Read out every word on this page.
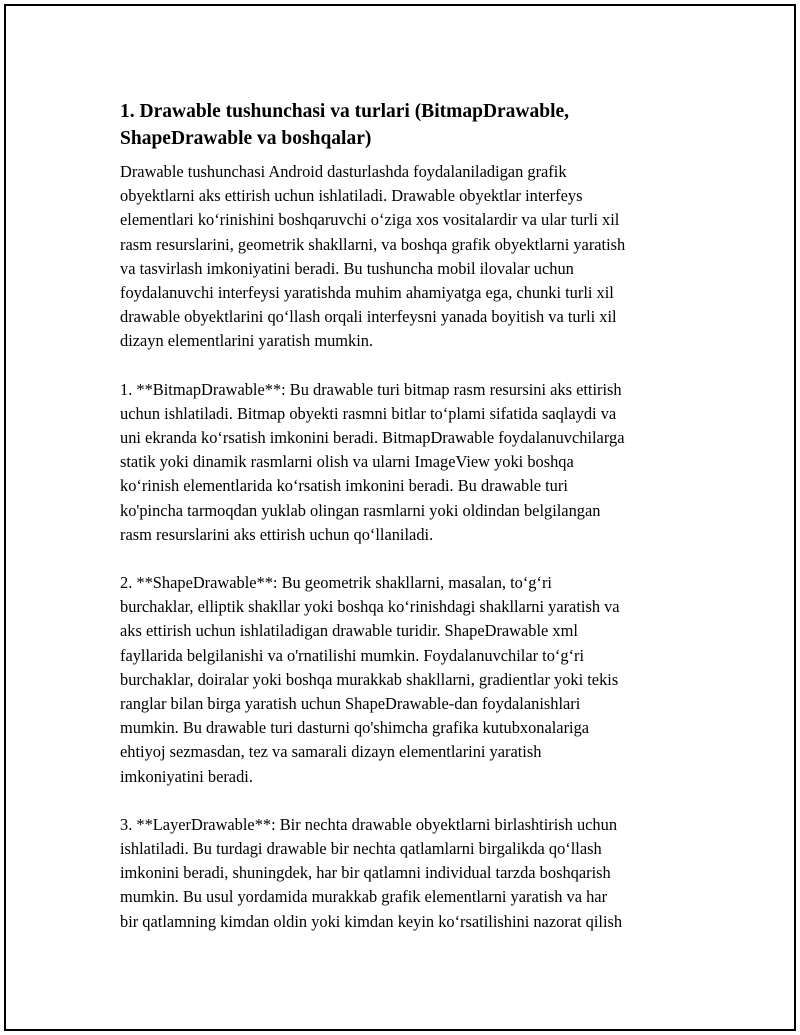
1. Drawable tushunchasi va turlari (BitmapDrawable,
ShapeDrawable va boshqalar)

Drawable tushunchasi Android dasturlashda foydalaniladigan grafik
obyektlarni aks ettirish uchun ishlatiladi. Drawable obyektlar interfeys
elementlari koʻrinishini boshqaruvchi oʻziga xos vositalardir va ular turli xil
rasm resurslarini, geometrik shakllarni, va boshqa grafik obyektlarni yaratish
va tasvirlash imkoniyatini beradi. Bu tushuncha mobil ilovalar uchun
foydalanuvchi interfeysi yaratishda muhim ahamiyatga ega, chunki turli xil
drawable obyektlarini qoʻllash orqali interfeysni yanada boyitish va turli xil
dizayn elementlarini yaratish mumkin.

1. **BitmapDrawable**: Bu drawable turi bitmap rasm resursini aks ettirish
uchun ishlatiladi. Bitmap obyekti rasmni bitlar toʻplami sifatida saqlaydi va
uni ekranda koʻrsatish imkonini beradi. BitmapDrawable foydalanuvchilarga
statik yoki dinamik rasmlarni olish va ularni ImageView yoki boshqa
koʻrinish elementlarida koʻrsatish imkonini beradi. Bu drawable turi
ko'pincha tarmoqdan yuklab olingan rasmlarni yoki oldindan belgilangan
rasm resurslarini aks ettirish uchun qoʻllaniladi.

2. **ShapeDrawable**: Bu geometrik shakllarni, masalan, toʻgʻri
burchaklar, elliptik shakllar yoki boshqa koʻrinishdagi shakllarni yaratish va
aks ettirish uchun ishlatiladigan drawable turidir. ShapeDrawable xml
fayllarida belgilanishi va o'rnatilishi mumkin. Foydalanuvchilar toʻgʻri
burchaklar, doiralar yoki boshqa murakkab shakllarni, gradientlar yoki tekis
ranglar bilan birga yaratish uchun ShapeDrawable-dan foydalanishlari
mumkin. Bu drawable turi dasturni qo'shimcha grafika kutubxonalariga
ehtiyoj sezmasdan, tez va samarali dizayn elementlarini yaratish
imkoniyatini beradi.

3. **LayerDrawable**: Bir nechta drawable obyektlarni birlashtirish uchun
ishlatiladi. Bu turdagi drawable bir nechta qatlamlarni birgalikda qoʻllash
imkonini beradi, shuningdek, har bir qatlamni individual tarzda boshqarish
mumkin. Bu usul yordamida murakkab grafik elementlarni yaratish va har
bir qatlamning kimdan oldin yoki kimdan keyin koʻrsatilishini nazorat qilish
